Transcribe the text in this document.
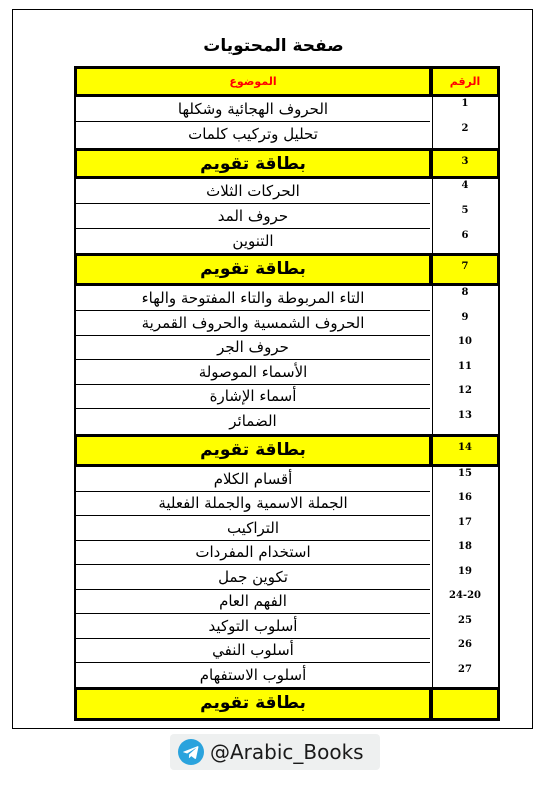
صفحة المحتويات
الموضوع	الرقم
الحروف الهجائية وشكلها	1
تحليل وتركيب كلمات	2
بطاقة تقويم	3
الحركات الثلاث	4
حروف المد	5
التنوين	6
بطاقة تقويم	7
التاء المربوطة والتاء المفتوحة والهاء	8
الحروف الشمسية والحروف القمرية	9
حروف الجر	10
الأسماء الموصولة	11
أسماء الإشارة	12
الضمائر	13
بطاقة تقويم	14
أقسام الكلام	15
الجملة الاسمية والجملة الفعلية	16
التراكيب	17
استخدام المفردات	18
تكوين جمل	19
الفهم العام	24-20
أسلوب التوكيد	25
أسلوب النفي	26
أسلوب الاستفهام	27
بطاقة تقويم
@Arabic_Books
